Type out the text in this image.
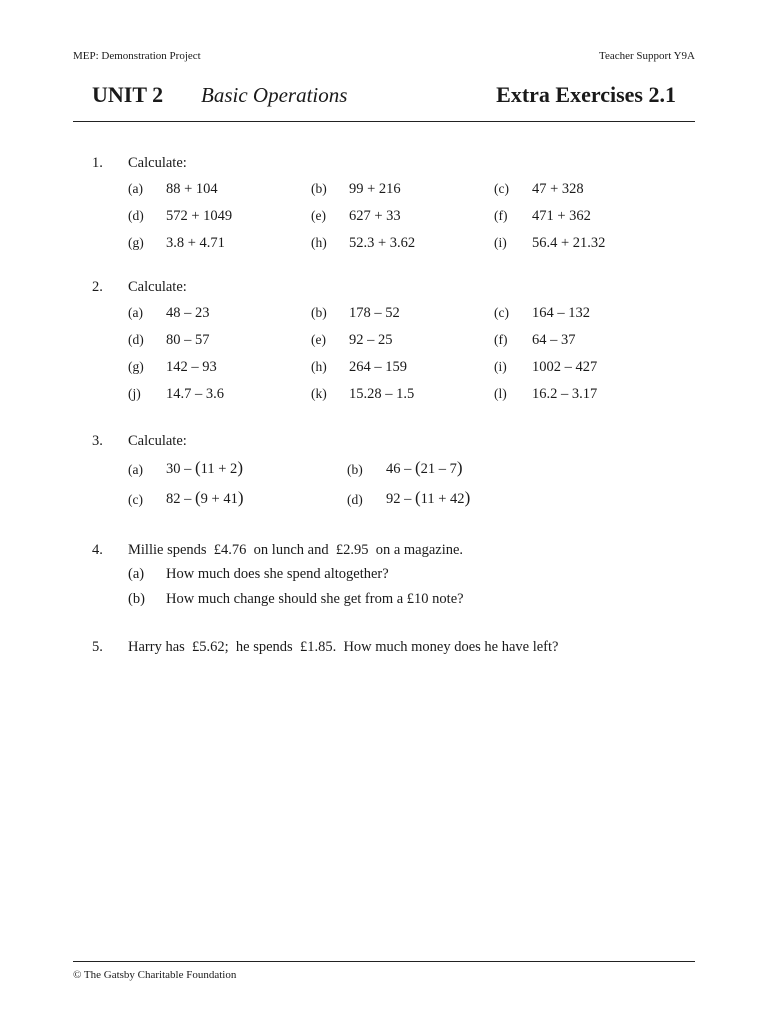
MEP: Demonstration Project	Teacher Support Y9A
UNIT 2 Basic Operations	Extra Exercises 2.1
1. Calculate:
(a) 88 + 104	(b) 99 + 216	(c) 47 + 328
(d) 572 + 1049	(e) 627 + 33	(f) 471 + 362
(g) 3.8 + 4.71	(h) 52.3 + 3.62	(i) 56.4 + 21.32
2. Calculate:
(a) 48 – 23	(b) 178 – 52	(c) 164 – 132
(d) 80 – 57	(e) 92 – 25	(f) 64 – 37
(g) 142 – 93	(h) 264 – 159	(i) 1002 – 427
(j) 14.7 – 3.6	(k) 15.28 – 1.5	(l) 16.2 – 3.17
3. Calculate:
(a) 30 – (11 + 2)	(b) 46 – (21 – 7)
(c) 82 – (9 + 41)	(d) 92 – (11 + 42)
4. Millie spends  £4.76  on lunch and  £2.95  on a magazine.
(a) How much does she spend altogether?
(b) How much change should she get from a £10 note?
5. Harry has  £5.62;  he spends  £1.85.  How much money does he have left?
© The Gatsby Charitable Foundation
